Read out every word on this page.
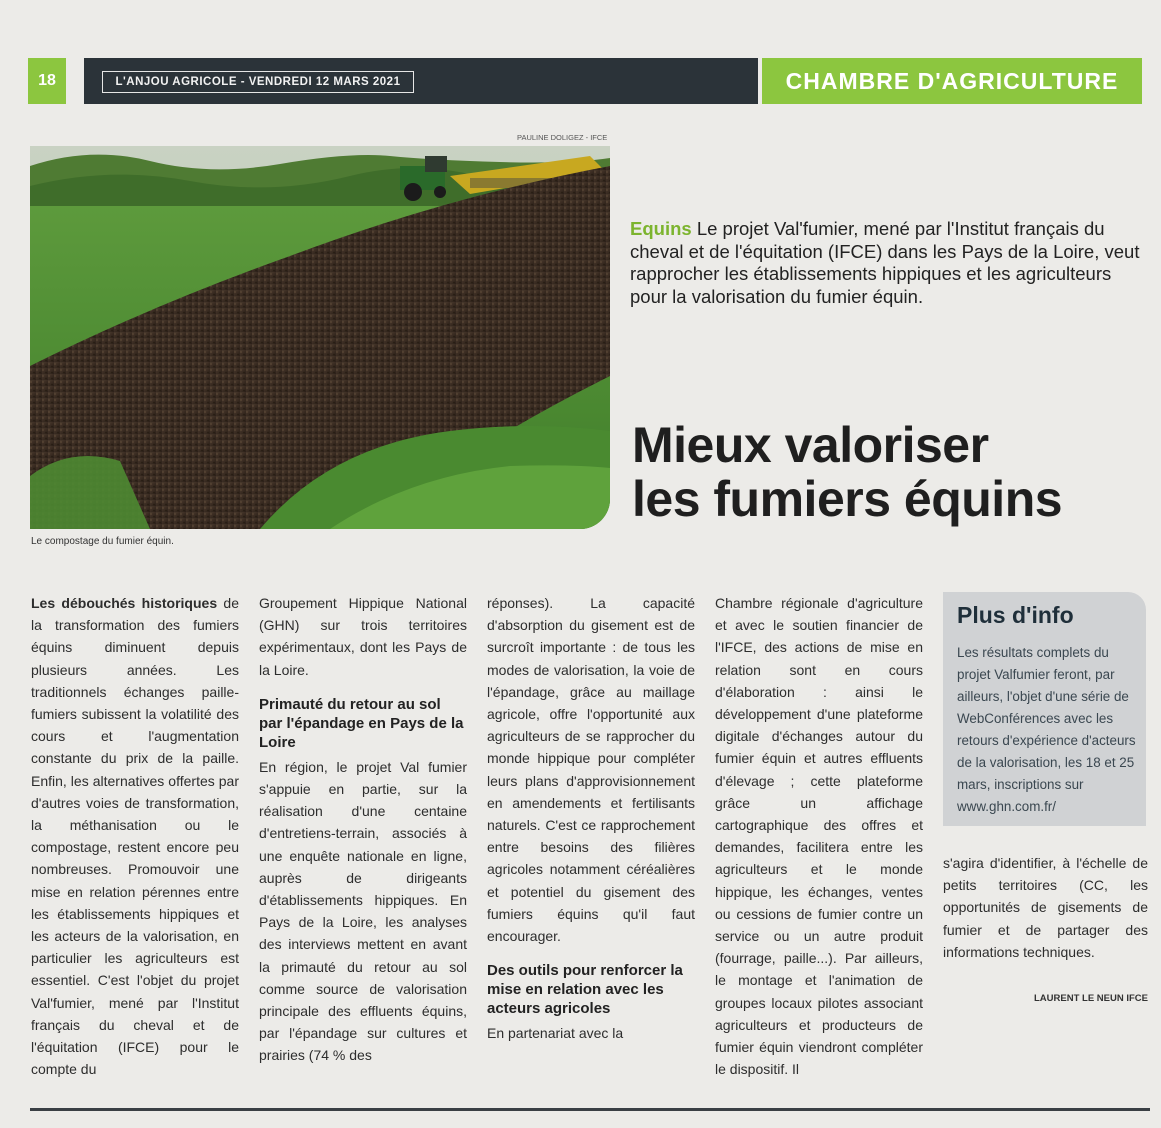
18	L'ANJOU AGRICOLE - VENDREDI 12 MARS 2021	CHAMBRE D'AGRICULTURE
PAULINE DOLIGEZ - IFCE
Le compostage du fumier équin.
Equins Le projet Val'fumier, mené par l'Institut français du cheval et de l'équitation (IFCE) dans les Pays de la Loire, veut rapprocher les établissements hippiques et les agriculteurs pour la valorisation du fumier équin.
Mieux valoriser
les fumiers équins

Les débouchés historiques de la transformation des fumiers équins diminuent depuis plusieurs années. Les traditionnels échanges paille-fumiers subissent la volatilité des cours et l'augmentation constante du prix de la paille. Enfin, les alternatives offertes par d'autres voies de transformation, la méthanisation ou le compostage, restent encore peu nombreuses. Promouvoir une mise en relation pérennes entre les établissements hippiques et les acteurs de la valorisation, en particulier les agriculteurs est essentiel. C'est l'objet du projet Val'fumier, mené par l'Institut français du cheval et de l'équitation (IFCE) pour le compte du

Groupement Hippique National (GHN) sur trois territoires expérimentaux, dont les Pays de la Loire.

Primauté du retour au sol par l'épandage en Pays de la Loire

En région, le projet Val fumier s'appuie en partie, sur la réalisation d'une centaine d'entretiens-terrain, associés à une enquête nationale en ligne, auprès de dirigeants d'établissements hippiques. En Pays de la Loire, les analyses des interviews mettent en avant la primauté du retour au sol comme source de valorisation principale des effluents équins, par l'épandage sur cultures et prairies (74 % des

réponses). La capacité d'absorption du gisement est de surcroît importante : de tous les modes de valorisation, la voie de l'épandage, grâce au maillage agricole, offre l'opportunité aux agriculteurs de se rapprocher du monde hippique pour compléter leurs plans d'approvisionnement en amendements et fertilisants naturels. C'est ce rapprochement entre besoins des filières agricoles notamment céréalières et potentiel du gisement des fumiers équins qu'il faut encourager.

Des outils pour renforcer la mise en relation avec les acteurs agricoles

En partenariat avec la

Chambre régionale d'agriculture et avec le soutien financier de l'IFCE, des actions de mise en relation sont en cours d'élaboration : ainsi le développement d'une plateforme digitale d'échanges autour du fumier équin et autres effluents d'élevage ; cette plateforme grâce un affichage cartographique des offres et demandes, facilitera entre les agriculteurs et le monde hippique, les échanges, ventes ou cessions de fumier contre un service ou un autre produit (fourrage, paille...). Par ailleurs, le montage et l'animation de groupes locaux pilotes associant agriculteurs et producteurs de fumier équin viendront compléter le dispositif. Il

Plus d'info
Les résultats complets du projet Valfumier feront, par ailleurs, l'objet d'une série de WebConférences avec les retours d'expérience d'acteurs de la valorisation, les 18 et 25 mars, inscriptions sur www.ghn.com.fr/
s'agira d'identifier, à l'échelle de petits territoires (CC, les opportunités de gisements de fumier et de partager des informations techniques.
LAURENT LE NEUN IFCE
